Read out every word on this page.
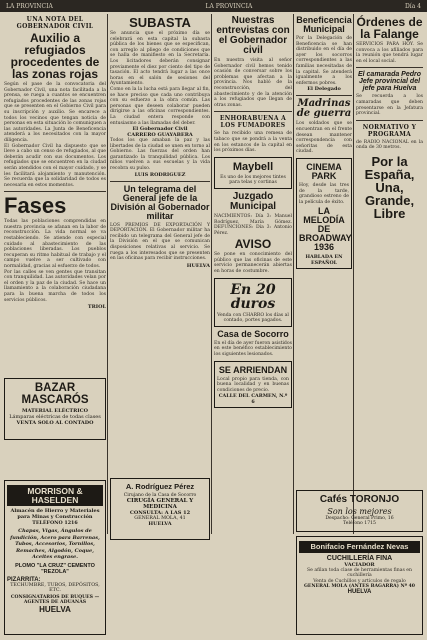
LA PROVINCIA	LA PROVINCIA	Día 4
UNA NOTA DEL GOBERNADOR CIVIL
Auxilio a refugiados procedentes de las zonas rojas
Según el pase de la convocatoria del Gobernador Civil, una nota facilitada a la prensa, se ruega a cuantos se encuentren refugiados procedentes de las zonas rojas que se presenten en el Gobierno Civil para su inscripción y auxilio. Se encarece a todos los vecinos que tengan noticia de personas en esta situación lo comuniquen a las autoridades. La Junta de Beneficencia atenderá a los necesitados con la mayor diligencia.
El Gobernador Civil ha dispuesto que se lleve a cabo un censo de refugiados, al que deberán acudir con sus documentos. Los refugiados que se encuentren en la ciudad serán atendidos con el mayor cuidado, y se les facilitará alojamiento y manutención. Se recuerda que la solidaridad de todos es necesaria en estos momentos.
Fases
Todas las poblaciones comprendidas en nuestra provincia se afanan en la labor de reconstrucción. La vida normal se va restableciendo. Se atiende con especial cuidado al abastecimiento de las poblaciones liberadas. Los pueblos recuperan su ritmo habitual de trabajo y el campo vuelve a ser cultivado con normalidad, gracias al esfuerzo de todos.
Por las calles se ven gentes que transitan con tranquilidad. Las autoridades velan por el orden y la paz de la ciudad. Se hace un llamamiento a la colaboración ciudadana para la buena marcha de todos los servicios públicos.
TRIOL
SUBASTA
Se anuncia que el próximo día se celebrará en esta capital la subasta pública de los bienes que se especifican, con arreglo al pliego de condiciones que se halla de manifiesto en la Secretaría. Los licitadores deberán consignar previamente el diez por ciento del tipo de tasación. El acto tendrá lugar a las once horas en el salón de sesiones del Ayuntamiento.
Como en la la lucha está para llegar al fin, se hace preciso que cada uno contribuya con su esfuerzo a la obra común. Las personas que deseen colaborar pueden dirigirse a las oficinas correspondientes. La ciudad entera responde con entusiasmo a las llamadas del deber.
El Gobernador Civil
CARRERO GUAYABERA
Todos los que amaban la paz y las libertades de la ciudad se unen en torno al Gobierno. Las fuerzas del orden han garantizado la tranquilidad pública. Los niños vuelven a sus escuelas y la vida recobra su pulso.
LUIS RODRIGUEZ
Un telegrama del General jefe de la División al Gobernador militar
LOS PREMIOS DE EXPORTACIÓN Y DEPORTACIÓN. El Gobernador militar ha recibido un telegrama del General jefe de la División en el que se comunican disposiciones relativas al servicio. Se ruega a los interesados que se presenten en las oficinas para recibir instrucciones.
HUELVA
Nuestras entrevistas con el Gobernador civil
En nuestra visita al señor Gobernador civil hemos tenido ocasión de conversar sobre los problemas que afectan a la provincia. Nos habló de la reconstrucción, del abastecimiento y de la atención a los refugiados que llegan de otras zonas.
ENHORABUENA A LOS FUMADORES
Se ha recibido una remesa de tabaco que se pondrá a la venta en los estancos de la capital en los próximos días.
Maybell
Es uno de los mejores tintes para telas y cortinas
Juzgado Municipal
NACIMIENTOS: Día 3: Manuel Rodríguez, María Gómez. DEFUNCIONES: Día 3: Antonio Pérez.
AVISO
Se pone en conocimiento del público que las oficinas de este servicio permanecerán abiertas en horas de costumbre.
En 20 duros
Venda con CHARRO los días al contado, portes pagados.
Casa de Socorro
En el día de ayer fueron asistidos en este benéfico establecimiento los siguientes lesionados.
SE ARRIENDAN
Local propio para tienda, con buena localidad y en buenas condiciones de precio.
CALLE DEL CARMEN, N.º 6
Beneficencia Municipal
Por la Delegación de Beneficencia se han distribuido en el día de ayer los socorros correspondientes a las familias necesitadas de la capital. Se atenderá igualmente a los enfermos pobres.
El Delegado
Madrinas de guerra
Los soldados que se encuentran en el frente desean mantener correspondencia con señoritas de esta ciudad.
CINEMA PARK
Hoy, desde las tres de la tarde, grandioso estreno de la película de éxito.
LA MELODÍA DE BROADWAY 1936
HABLADA EN ESPAÑOL
Órdenes de la Falange
SERVICIOS PARA HOY. Se convoca a los afiliados para la reunión que tendrá lugar en el local social.
El camarada Pedro Jefe provincial del jefe para Huelva
Se recuerda a los camaradas que deben presentarse en la Jefatura provincial.
NORMATIVO Y PROGRAMA
de RADIO NACIONAL en la onda de 30 metros.
Por la España, Una, Grande, Libre
BAZAR MASCARÓS
MATERIAL ELÉCTRICO
Lámparas eléctricas de todas clases
VENTA SOLO AL CONTADO
A. Rodríguez Pérez
Cirujano de la Casa de Socorro
CIRUGÍA GENERAL Y MEDICINA
CONSULTA: A LAS 12
GENERAL MOLA, 41
HUELVA
MORRISON & HASELDEN
Almacén de Hierro y Materiales para Minas y Construcción
TELÉFONO 1216
Chapas, Vigas, Ángulos de fundición, Acero para Barrenas, Tubos, Accesorios, Tornillos, Remaches, Algodón, Coque, Aceites engrase.
PLOMO "LA CRUZ" CEMENTO "REZOLA"
PIZARRITA:
TECHUMBRE, TUBOS, DEPÓSITOS, ETC.
CONSIGNATARIOS DE BUQUES — AGENTES DE ADUANAS
HUELVA
Cafés TORONJO
Son los mejores
Despacho: General Primo, 16
Teléfono 1715
Bonifacio Fernández Nevas
CUCHILLERÍA FINA
VACIADOR
Se afilan toda clase de herramientas finas en cuchillería
Venta de Cuchillos y artículos de regalo
GENERAL MOLA (ANTES BAGARRA) Nº 40
HUELVA
